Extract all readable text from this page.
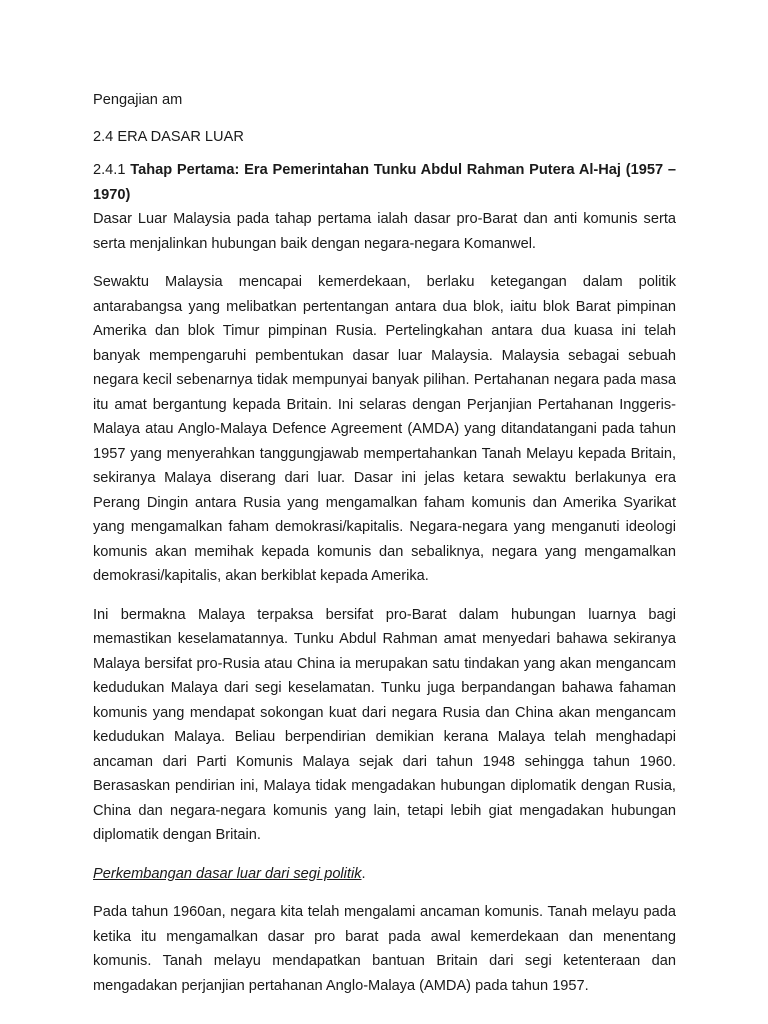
Pengajian am

2.4 ERA DASAR LUAR

2.4.1 Tahap Pertama: Era Pemerintahan Tunku Abdul Rahman Putera Al-Haj (1957 – 1970)

Dasar Luar Malaysia pada tahap pertama ialah dasar pro-Barat dan anti komunis serta serta menjalinkan hubungan baik dengan negara-negara Komanwel.

Sewaktu Malaysia mencapai kemerdekaan, berlaku ketegangan dalam politik antarabangsa yang melibatkan pertentangan antara dua blok, iaitu blok Barat pimpinan Amerika dan blok Timur pimpinan Rusia. Pertelingkahan antara dua kuasa ini telah banyak mempengaruhi pembentukan dasar luar Malaysia. Malaysia sebagai sebuah negara kecil sebenarnya tidak mempunyai banyak pilihan. Pertahanan negara pada masa itu amat bergantung kepada Britain. Ini selaras dengan Perjanjian Pertahanan Inggeris-Malaya atau Anglo-Malaya Defence Agreement (AMDA) yang ditandatangani pada tahun 1957 yang menyerahkan tanggungjawab mempertahankan Tanah Melayu kepada Britain, sekiranya Malaya diserang dari luar. Dasar ini jelas ketara sewaktu berlakunya era Perang Dingin antara Rusia yang mengamalkan faham komunis dan Amerika Syarikat yang mengamalkan faham demokrasi/kapitalis. Negara-negara yang menganuti ideologi komunis akan memihak kepada komunis dan sebaliknya, negara yang mengamalkan demokrasi/kapitalis, akan berkiblat kepada Amerika.

Ini bermakna Malaya terpaksa bersifat pro-Barat dalam hubungan luarnya bagi memastikan keselamatannya. Tunku Abdul Rahman amat menyedari bahawa sekiranya Malaya bersifat pro-Rusia atau China ia merupakan satu tindakan yang akan mengancam kedudukan Malaya dari segi keselamatan. Tunku juga berpandangan bahawa fahaman komunis yang mendapat sokongan kuat dari negara Rusia dan China akan mengancam kedudukan Malaya. Beliau berpendirian demikian kerana Malaya telah menghadapi ancaman dari Parti Komunis Malaya sejak dari tahun 1948 sehingga tahun 1960. Berasaskan pendirian ini, Malaya tidak mengadakan hubungan diplomatik dengan Rusia, China dan negara-negara komunis yang lain, tetapi lebih giat mengadakan hubungan diplomatik dengan Britain.

Perkembangan dasar luar dari segi politik.

Pada tahun 1960an, negara kita telah mengalami ancaman komunis. Tanah melayu pada ketika itu mengamalkan dasar pro barat pada awal kemerdekaan dan menentang komunis. Tanah melayu mendapatkan bantuan Britain dari segi ketenteraan dan mengadakan perjanjian pertahanan Anglo-Malaya (AMDA) pada tahun 1957.
